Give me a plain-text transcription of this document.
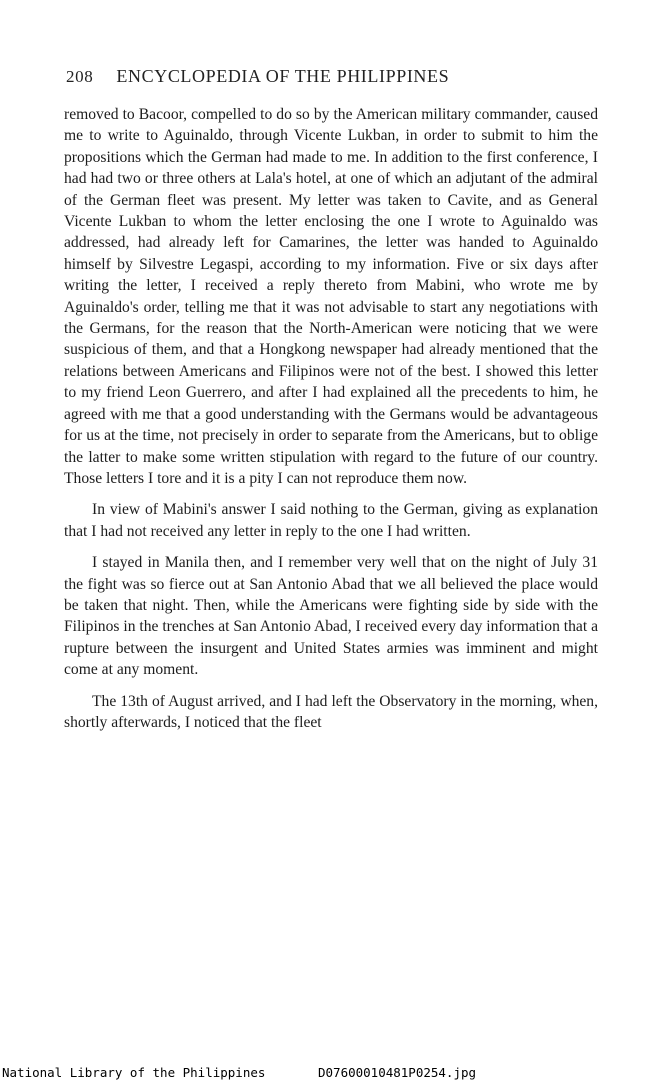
208 ENCYCLOPEDIA OF THE PHILIPPINES

removed to Bacoor, compelled to do so by the American military commander, caused me to write to Aguinaldo, through Vicente Lukban, in order to submit to him the propositions which the German had made to me. In addition to the first conference, I had had two or three others at Lala's hotel, at one of which an adjutant of the admiral of the German fleet was present. My letter was taken to Cavite, and as General Vicente Lukban to whom the letter enclosing the one I wrote to Aguinaldo was addressed, had already left for Camarines, the letter was handed to Aguinaldo himself by Silvestre Legaspi, according to my information. Five or six days after writing the letter, I received a reply thereto from Mabini, who wrote me by Aguinaldo's order, telling me that it was not advisable to start any negotiations with the Germans, for the reason that the North-American were noticing that we were suspicious of them, and that a Hongkong newspaper had already mentioned that the relations between Americans and Filipinos were not of the best. I showed this letter to my friend Leon Guerrero, and after I had explained all the precedents to him, he agreed with me that a good understanding with the Germans would be advantageous for us at the time, not precisely in order to separate from the Americans, but to oblige the latter to make some written stipulation with regard to the future of our country. Those letters I tore and it is a pity I can not reproduce them now.

In view of Mabini's answer I said nothing to the German, giving as explanation that I had not received any letter in reply to the one I had written.

I stayed in Manila then, and I remember very well that on the night of July 31 the fight was so fierce out at San Antonio Abad that we all believed the place would be taken that night. Then, while the Americans were fighting side by side with the Filipinos in the trenches at San Antonio Abad, I received every day information that a rupture between the insurgent and United States armies was imminent and might come at any moment.

The 13th of August arrived, and I had left the Observatory in the morning, when, shortly afterwards, I noticed that the fleet

National Library of the Philippines	D07600010481P0254.jpg
